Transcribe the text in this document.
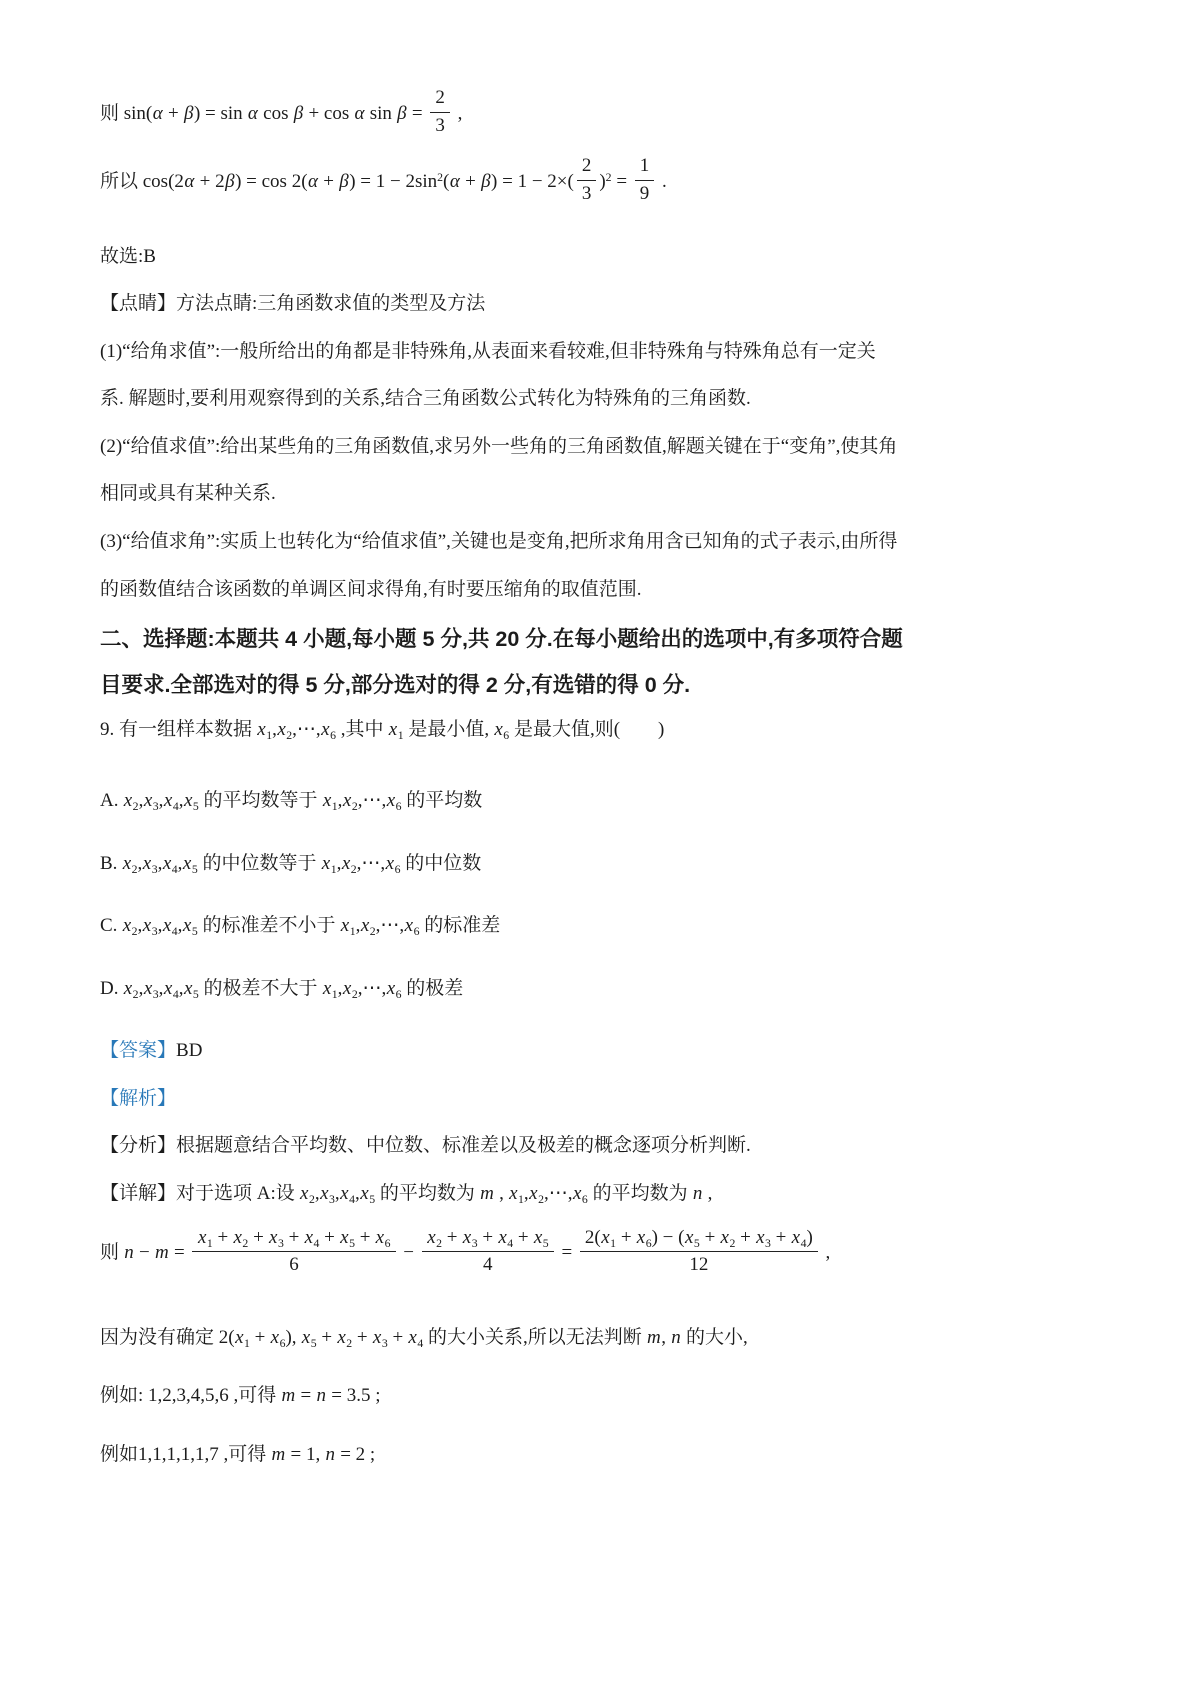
则 sin(α + β) = sin α cos β + cos α $\sin \beta = \frac{2}{3}$ ,

所以 $\cos(2\alpha + 2\beta) = \cos 2(\alpha + \beta) = 1 - 2\sin^2(\alpha + \beta) = 1 - 2\times( \frac{2}{3} )^2 = \frac{1}{9}$ .

故选:B

【点睛】方法点睛:三角函数求值的类型及方法

(1)“给角求值”:一般所给出的角都是非特殊角,从表面来看较难,但非特殊角与特殊角总有一定关

系. 解题时,要利用观察得到的关系,结合三角函数公式转化为特殊角的三角函数.

(2)“给值求值”:给出某些角的三角函数值,求另外一些角的三角函数值,解题关键在于“变角”,使其角

相同或具有某种关系.

(3)“给值求角”:实质上也转化为“给值求值”,关键也是变角,把所求角用含已知角的式子表示,由所得

的函数值结合该函数的单调区间求得角,有时要压缩角的取值范围.

二、选择题:本题共 4 小题,每小题 5 分,共 20 分.在每小题给出的选项中,有多项符合题

目要求.全部选对的得 5 分,部分选对的得 2 分,有选错的得 0 分.

9. 有一组样本数据 $x_1,x_2,\cdots,x_6$ ,其中 $x_1$ 是最小值, $x_6$ 是最大值,则(　　)

A. $x_2,x_3,x_4,x_5$ 的平均数等于 $x_1,x_2,\cdots,x_6$ 的平均数

B. $x_2,x_3,x_4,x_5$ 的中位数等于 $x_1,x_2,\cdots,x_6$ 的中位数

C. $x_2,x_3,x_4,x_5$ 的标准差不小于 $x_1,x_2,\cdots,x_6$ 的标准差

D. $x_2,x_3,x_4,x_5$ 的极差不大于 $x_1,x_2,\cdots,x_6$ 的极差

【答案】BD

【解析】

【分析】根据题意结合平均数、中位数、标准差以及极差的概念逐项分析判断.

【详解】对于选项 A:设 $x_2,x_3,x_4,x_5$ 的平均数为 m , $x_1,x_2,\cdots,x_6$ 的平均数为 n ,

则 $n - m = \frac{x_1 + x_2 + x_3 + x_4 + x_5 + x_6}{6} - \frac{x_2 + x_3 + x_4 + x_5}{4} = \frac{2(x_1 + x_6) - (x_5 + x_2 + x_3 + x_4)}{12}$ ,

因为没有确定 $2(x_1 + x_6)$, $x_5 + x_2 + x_3 + x_4$ 的大小关系,所以无法判断 m, n 的大小,

例如: 1,2,3,4,5,6 ,可得 m = n = 3.5 ;

例如1,1,1,1,1,7 ,可得 m = 1, n = 2 ;
